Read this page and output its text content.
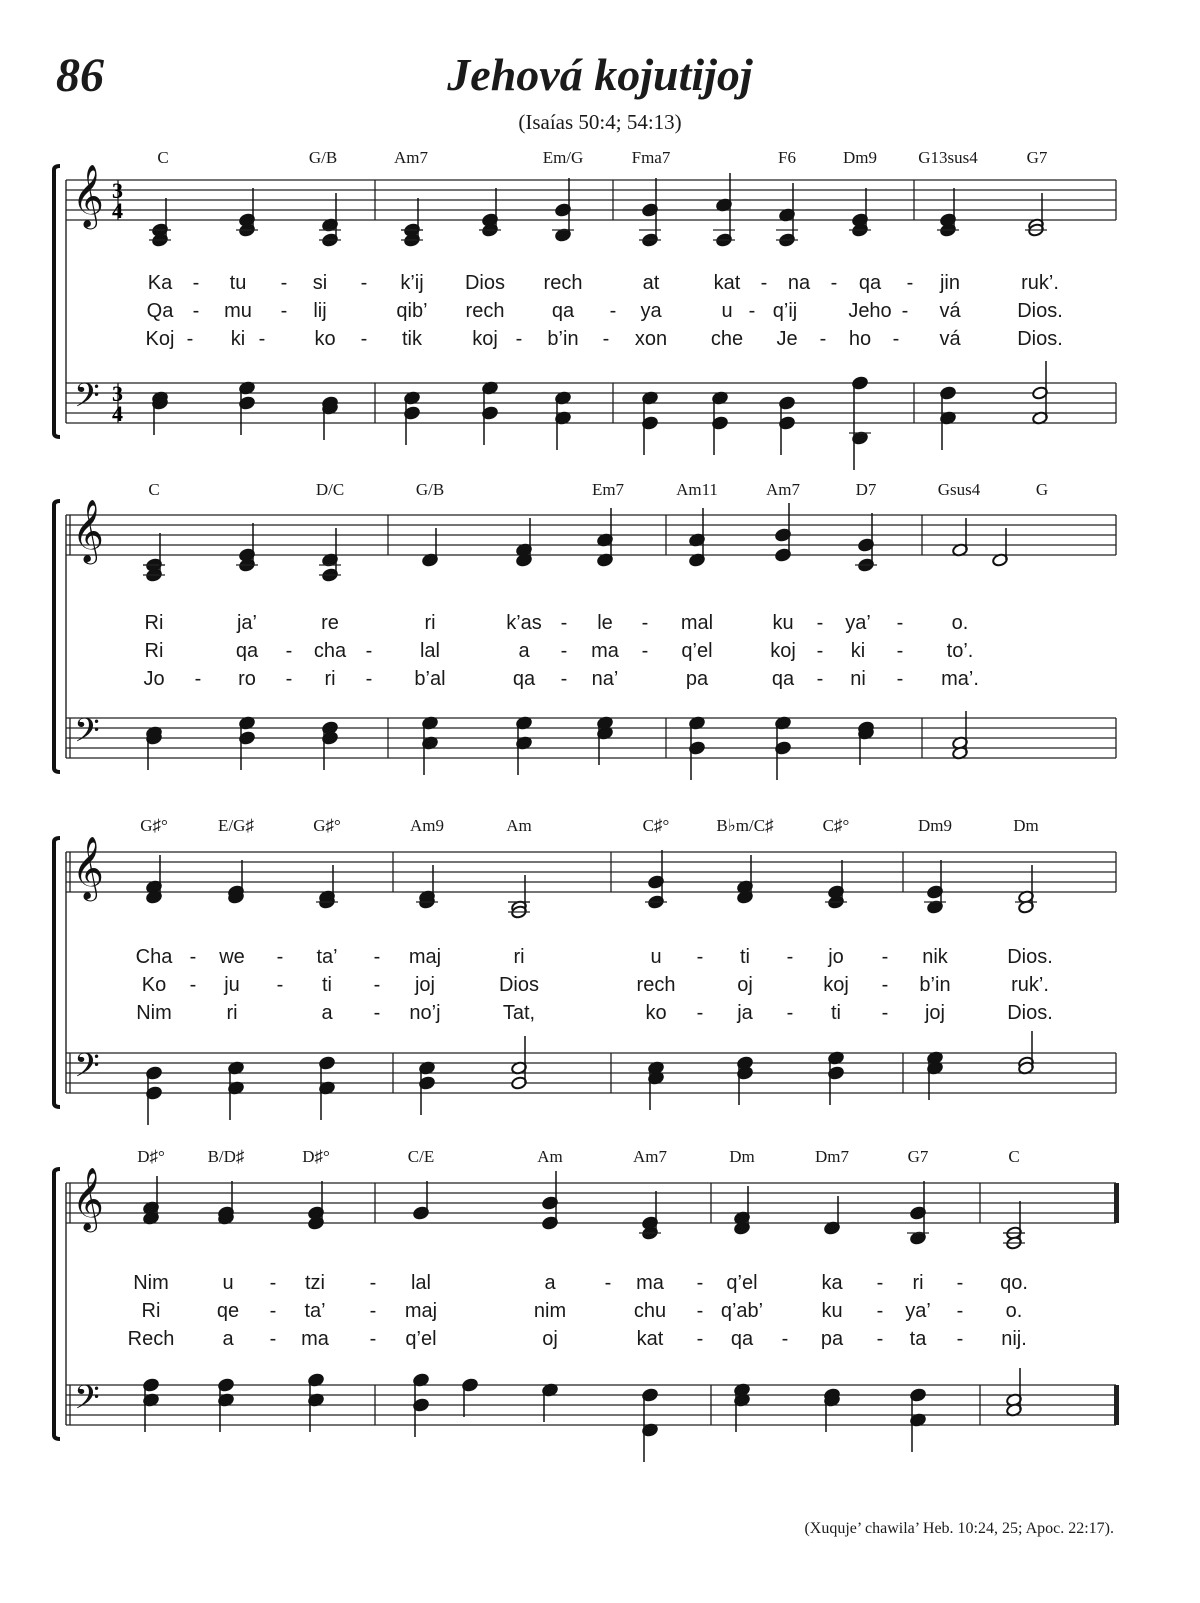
86	Jehová kojutijoj
(Isaías 50:4; 54:13)
𝄞
𝄢
3
4
3
4
C	G/B	Am7	Em/G	Fma7	F6	Dm9 G13sus4	G7
Ka - tu - si - k’ij Dios rech	at	kat - na - qa - jin	ruk’.
Qa - mu - lij	qib’ rech qa - ya	u - q’ij	Jeho - vá	Dios.
Koj - ki - ko - tik	koj - b’in - xon che Je - ho - vá	Dios.
𝄞
𝄢
C	D/C	G/B	Em7	Am11	Am7	D7	Gsus4	G
Ri	ja’	re	ri	k’as - le - mal	ku - ya’ - o.
Ri	qa - cha - lal	a - ma - q’el	koj - ki - to’.
Jo - ro - ri - b’al	qa - na’	pa	qa - ni - ma’.
𝄞
𝄢
G♯°	E/G♯	G♯°	Am9	Am	C♯°	B♭m/C♯	C♯°	Dm9	Dm
Cha - we - ta’ - maj	ri	u - ti - jo - nik	Dios.
Ko - ju - ti - joj	Dios	rech	oj	koj - b’in	ruk’.
Nim	ri	a - no’j	Tat,	ko - ja - ti - joj	Dios.
𝄞
𝄢
D♯°	B/D♯	D♯°	C/E	Am	Am7	Dm	Dm7	G7	C
Nim	u - tzi - lal	a - ma - q’el	ka - ri - qo.
Ri	qe - ta’ - maj	nim	chu - q’ab’	ku - ya’ - o.
Rech a - ma - q’el	oj	kat - qa - pa - ta - nij.
(Xuquje’ chawila’ Heb. 10:24, 25; Apoc. 22:17).
